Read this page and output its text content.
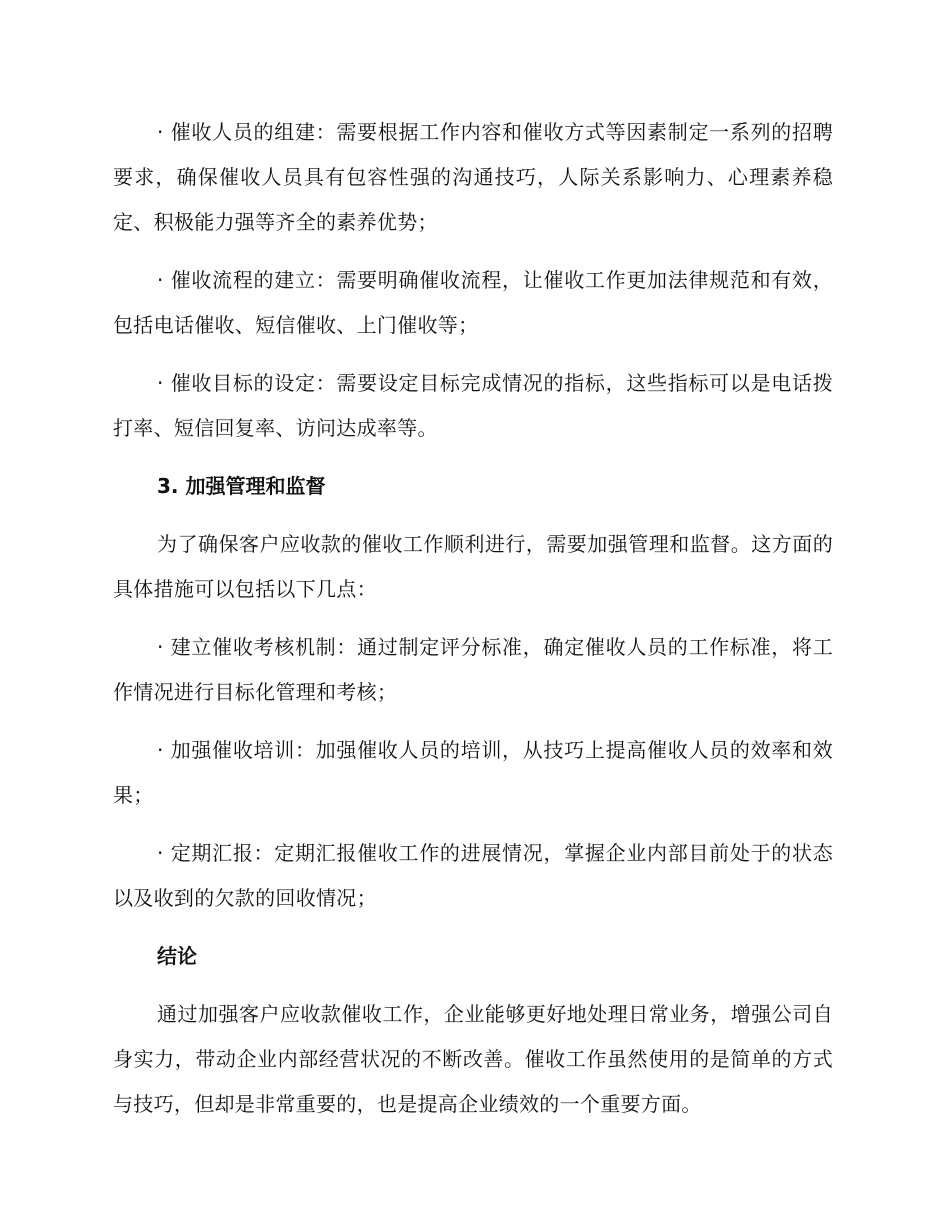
· 催收人员的组建：需要根据工作内容和催收方式等因素制定一系列的招聘要求，确保催收人员具有包容性强的沟通技巧，人际关系影响力、心理素养稳定、积极能力强等齐全的素养优势；

· 催收流程的建立：需要明确催收流程，让催收工作更加法律规范和有效，包括电话催收、短信催收、上门催收等；

· 催收目标的设定：需要设定目标完成情况的指标，这些指标可以是电话拨打率、短信回复率、访问达成率等。

3. 加强管理和监督

为了确保客户应收款的催收工作顺利进行，需要加强管理和监督。这方面的具体措施可以包括以下几点：

· 建立催收考核机制：通过制定评分标准，确定催收人员的工作标准，将工作情况进行目标化管理和考核；

· 加强催收培训：加强催收人员的培训，从技巧上提高催收人员的效率和效果；

· 定期汇报：定期汇报催收工作的进展情况，掌握企业内部目前处于的状态以及收到的欠款的回收情况；

结论

通过加强客户应收款催收工作，企业能够更好地处理日常业务，增强公司自身实力，带动企业内部经营状况的不断改善。催收工作虽然使用的是简单的方式与技巧，但却是非常重要的，也是提高企业绩效的一个重要方面。
